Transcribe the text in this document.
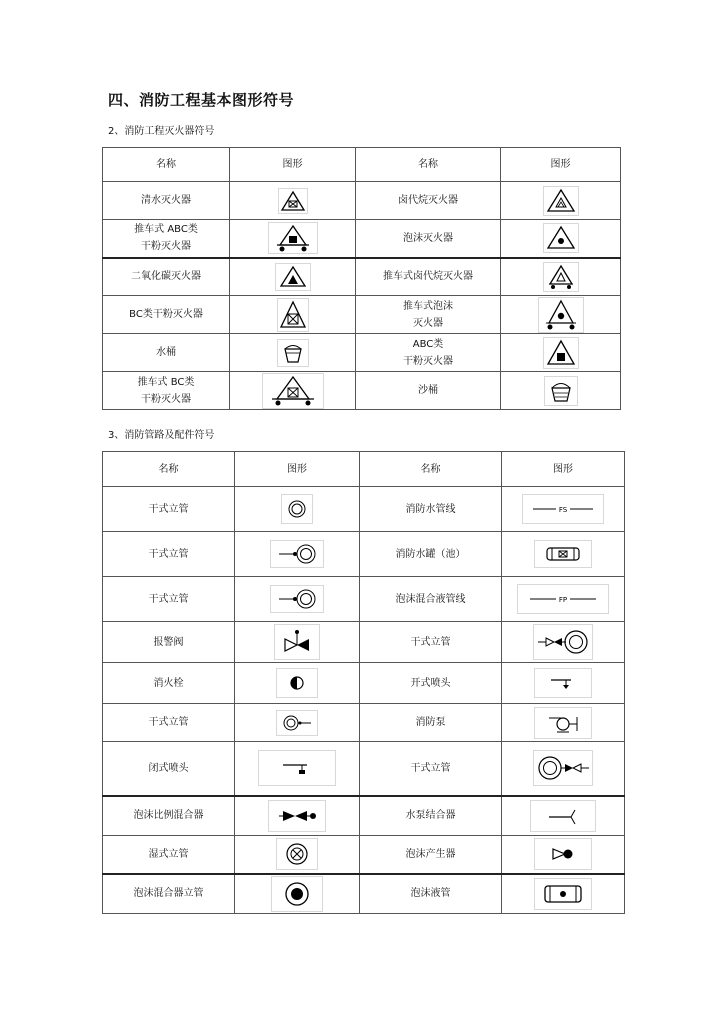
四、消防工程基本图形符号
2、消防工程灭火器符号
名称	图形	名称	图形
清水灭火器		卤代烷灭火器	

推车式 ABC类
干粉灭火器		泡沫灭火器	

二氧化碳灭火器		推车式卤代烷灭火器	

BC类干粉灭火器		推车式泡沫
灭火器	

水桶		ABC类
干粉灭火器	

推车式 BC类
干粉灭火器		沙桶	
3、消防管路及配件符号
名称	图形	名称	图形
干式立管		消防水管线	FS

干式立管		消防水罐（池）	

干式立管		泡沫混合液管线	FP

报警阀		干式立管	

消火栓		开式喷头	

干式立管		消防泵	

闭式喷头		干式立管	

泡沫比例混合器		水泵结合器	

湿式立管		泡沫产生器	

泡沫混合器立管		泡沫液管	
